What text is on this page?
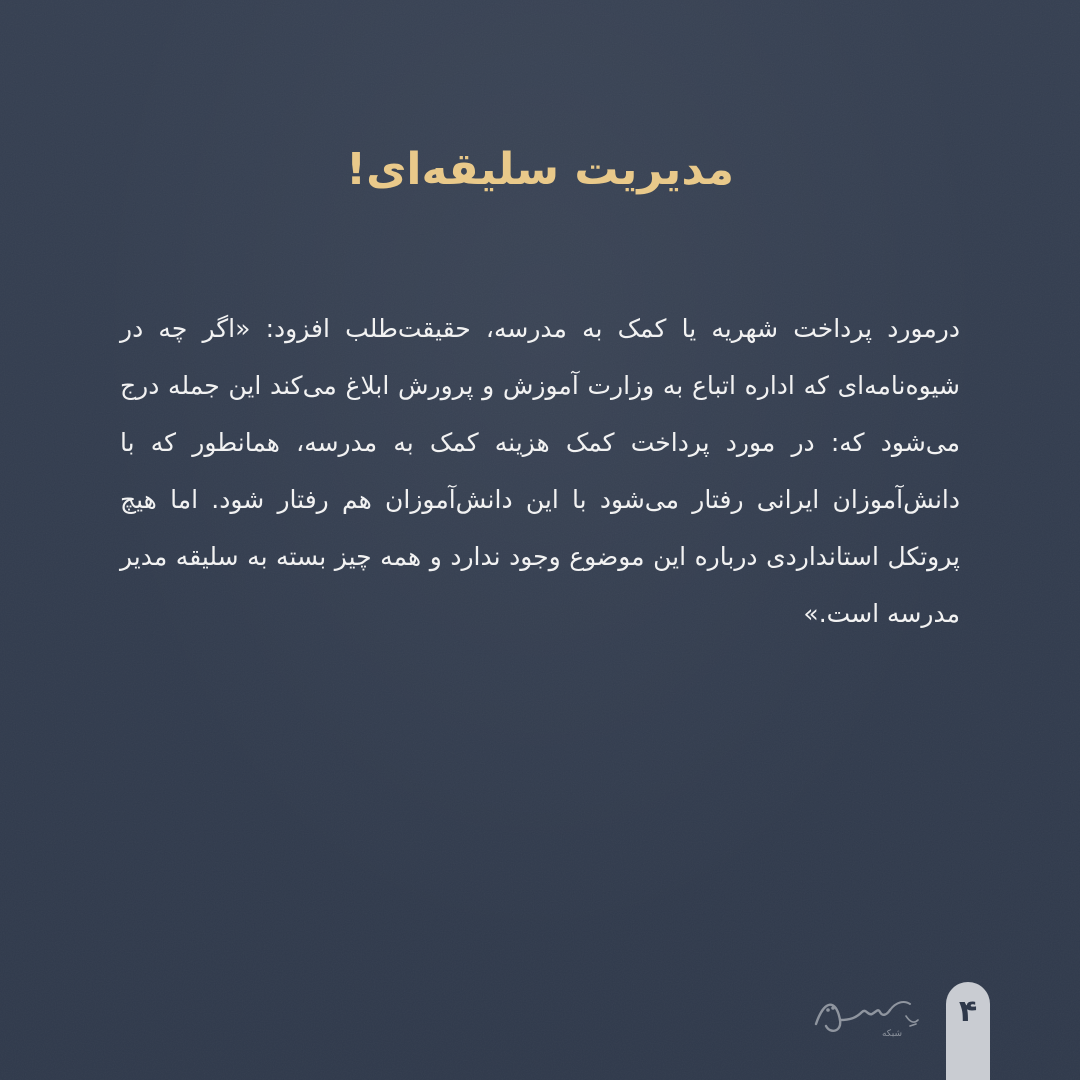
مدیریت سلیقه‌ای!
درمورد پرداخت شهریه یا کمک به مدرسه، حقیقت‌طلب افزود: «اگر چه در شیوه‌نامه‌ای که اداره اتباع به وزارت آموزش و پرورش ابلاغ می‌کند این جمله درج می‌شود که: در مورد پرداخت کمک هزینه کمک به مدرسه، همانطور که با دانش‌آموزان ایرانی رفتار می‌شود با این دانش‌آموزان هم رفتار شود. اما هیچ پروتکل استانداردی درباره این موضوع وجود ندارد و همه چیز بسته به سلیقه مدیر مدرسه است.»
شبکه
۴
